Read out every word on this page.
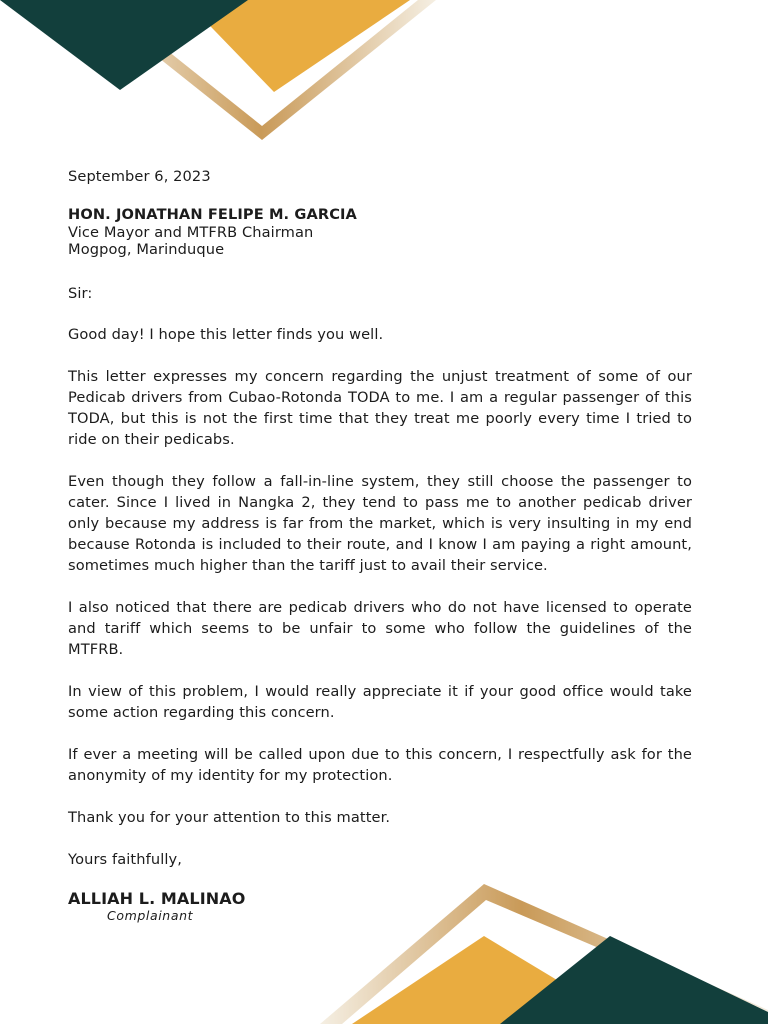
September 6, 2023

HON. JONATHAN FELIPE M. GARCIA

Vice Mayor and MTFRB Chairman

Mogpog, Marinduque

Sir:

Good day! I hope this letter finds you well.

This letter expresses my concern regarding the unjust treatment of some of our Pedicab drivers from Cubao-Rotonda TODA to me. I am a regular passenger of this TODA, but this is not the first time that they treat me poorly every time I tried to ride on their pedicabs.

Even though they follow a fall-in-line system, they still choose the passenger to cater. Since I lived in Nangka 2, they tend to pass me to another pedicab driver only because my address is far from the market, which is very insulting in my end because Rotonda is included to their route, and I know I am paying a right amount, sometimes much higher than the tariff just to avail their service.

I also noticed that there are pedicab drivers who do not have licensed to operate and tariff which seems to be unfair to some who follow the guidelines of the MTFRB.

In view of this problem, I would really appreciate it if your good office would take some action regarding this concern.

If ever a meeting will be called upon due to this concern, I respectfully ask for the anonymity of my identity for my protection.

Thank you for your attention to this matter.

Yours faithfully,

ALLIAH L. MALINAO

Complainant
